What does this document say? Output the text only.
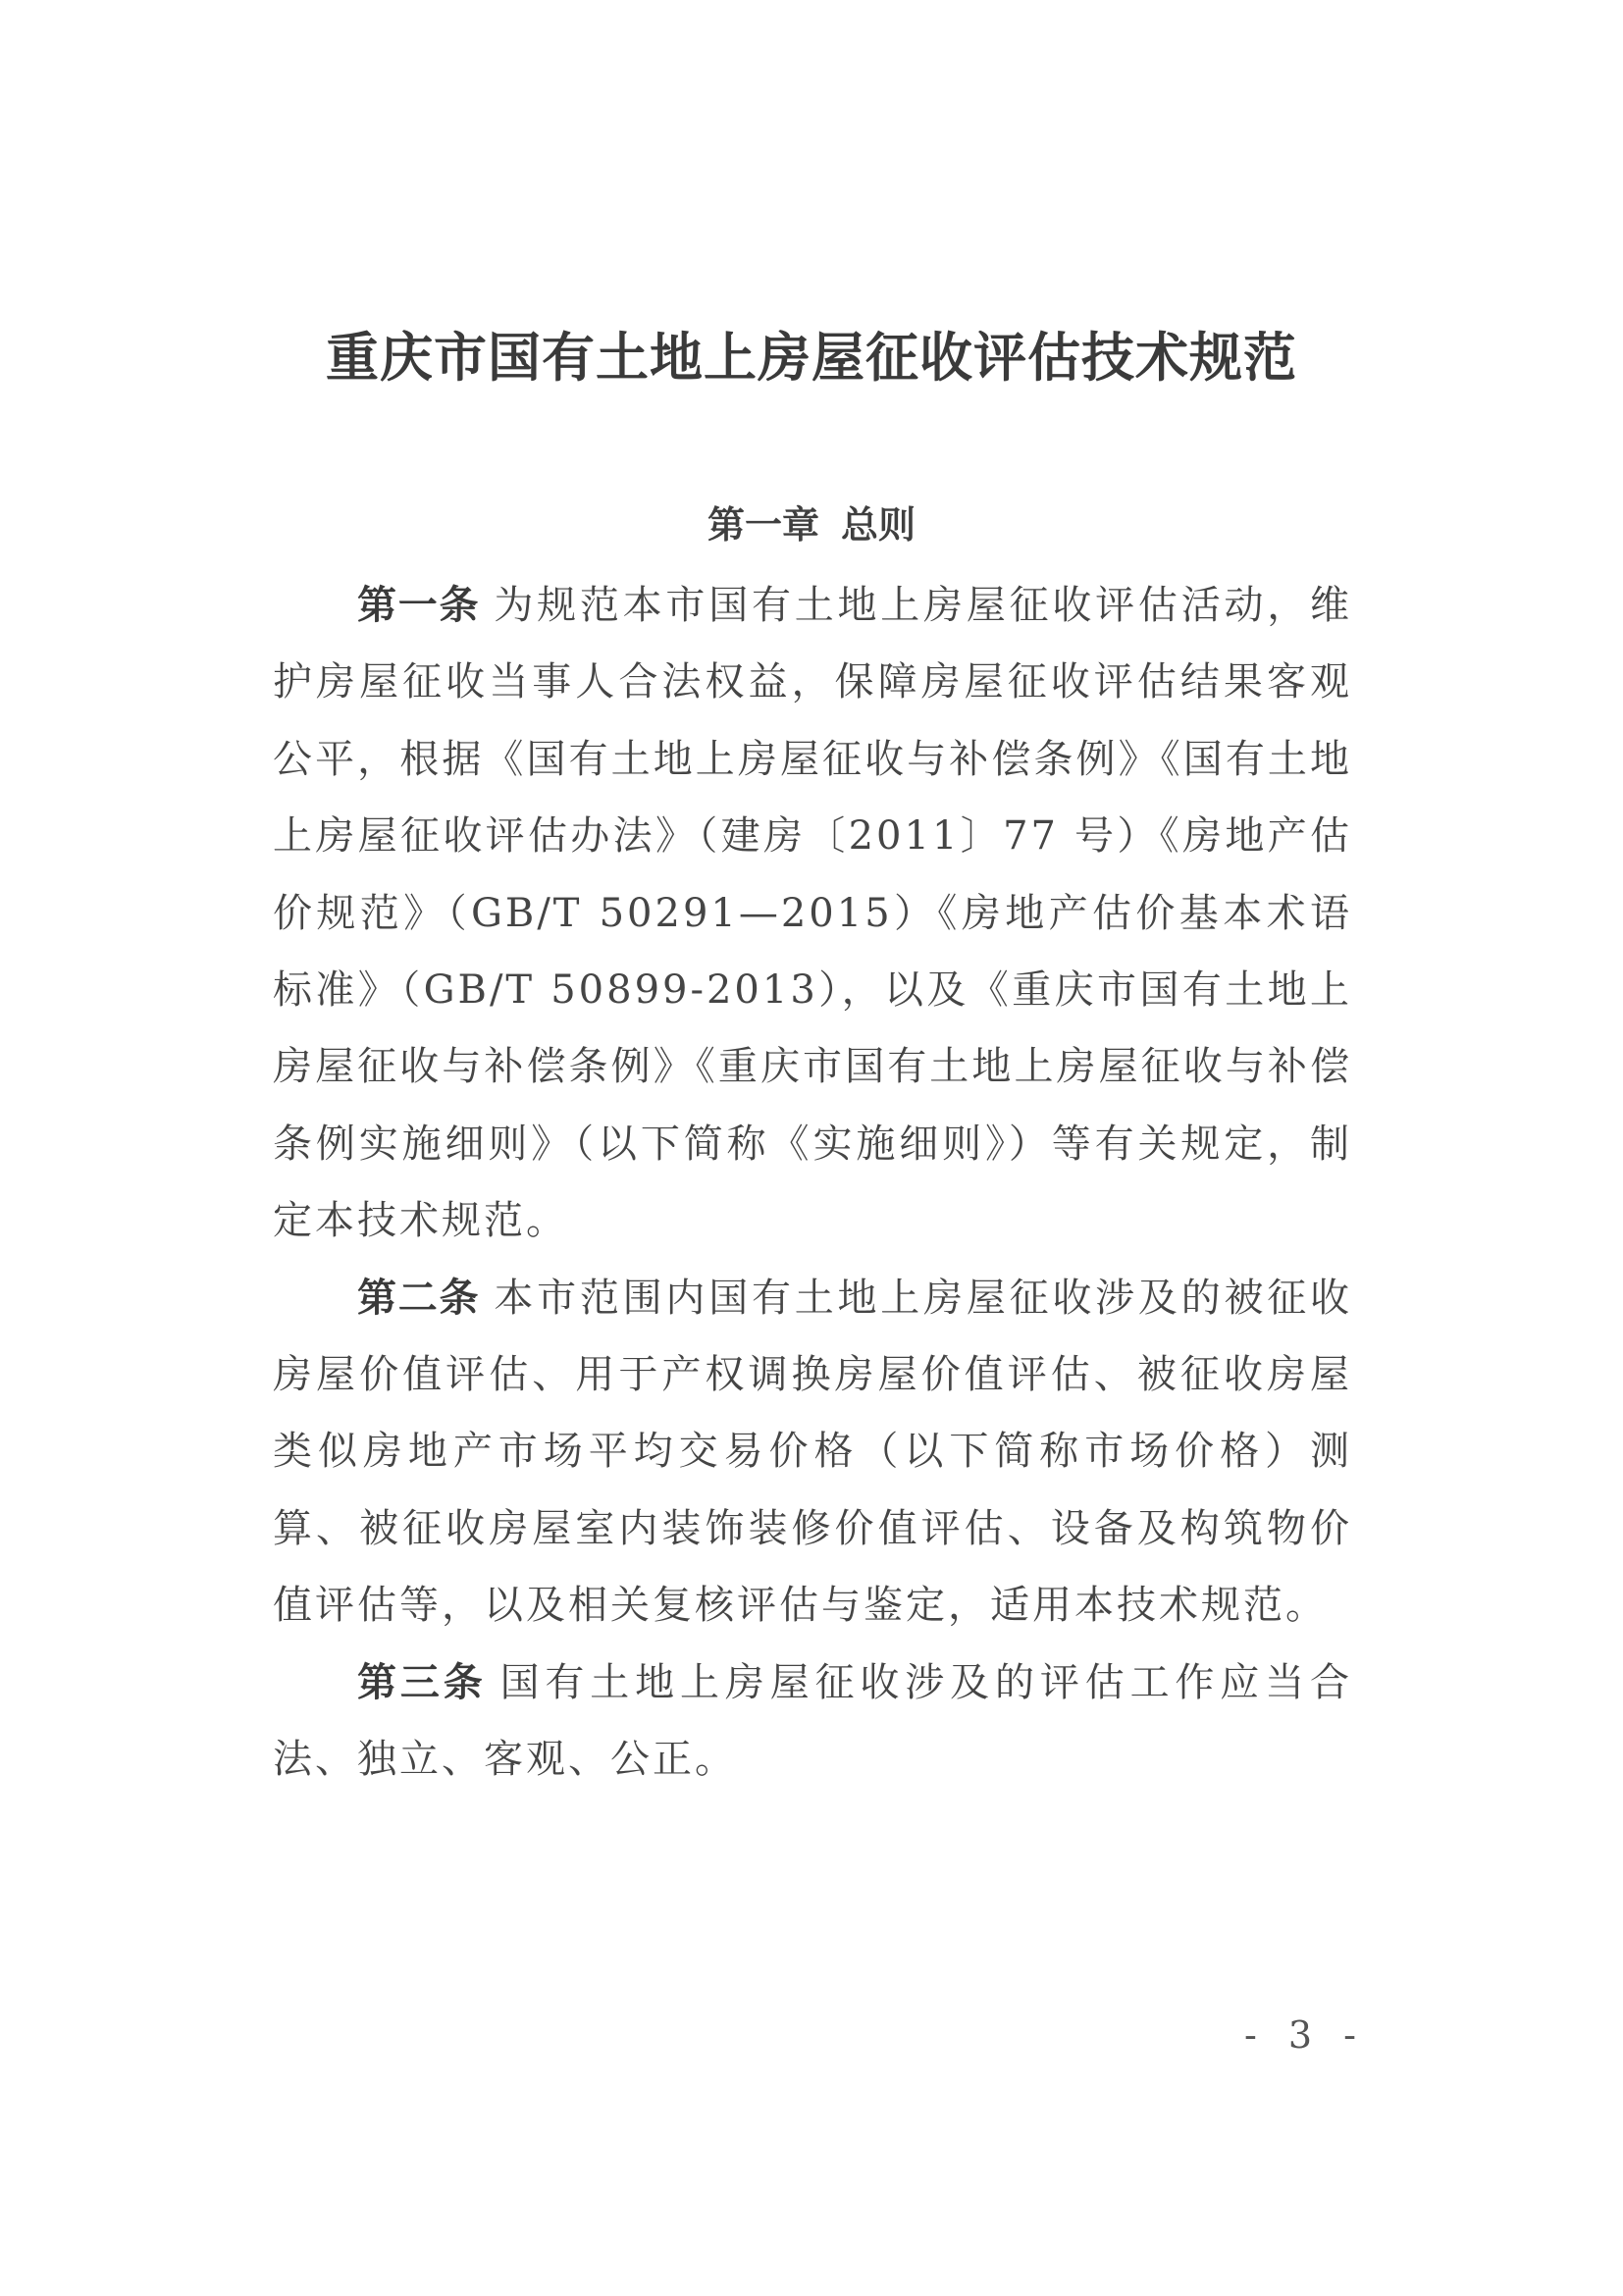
重庆市国有土地上房屋征收评估技术规范
第一章 总则

第一条 为规范本市国有土地上房屋征收评估活动，维护房屋征收当事人合法权益，保障房屋征收评估结果客观公平，根据《国有土地上房屋征收与补偿条例》《国有土地上房屋征收评估办法》（建房〔2011〕77 号）《房地产估价规范》（GB/T 50291—2015）《房地产估价基本术语标准》（GB/T 50899-2013），以及《重庆市国有土地上房屋征收与补偿条例》《重庆市国有土地上房屋征收与补偿条例实施细则》（以下简称《实施细则》）等有关规定，制定本技术规范。

第二条 本市范围内国有土地上房屋征收涉及的被征收房屋价值评估、用于产权调换房屋价值评估、被征收房屋类似房地产市场平均交易价格（以下简称市场价格）测算、被征收房屋室内装饰装修价值评估、设备及构筑物价值评估等，以及相关复核评估与鉴定，适用本技术规范。

第三条 国有土地上房屋征收涉及的评估工作应当合法、独立、客观、公正。

- 3 -
